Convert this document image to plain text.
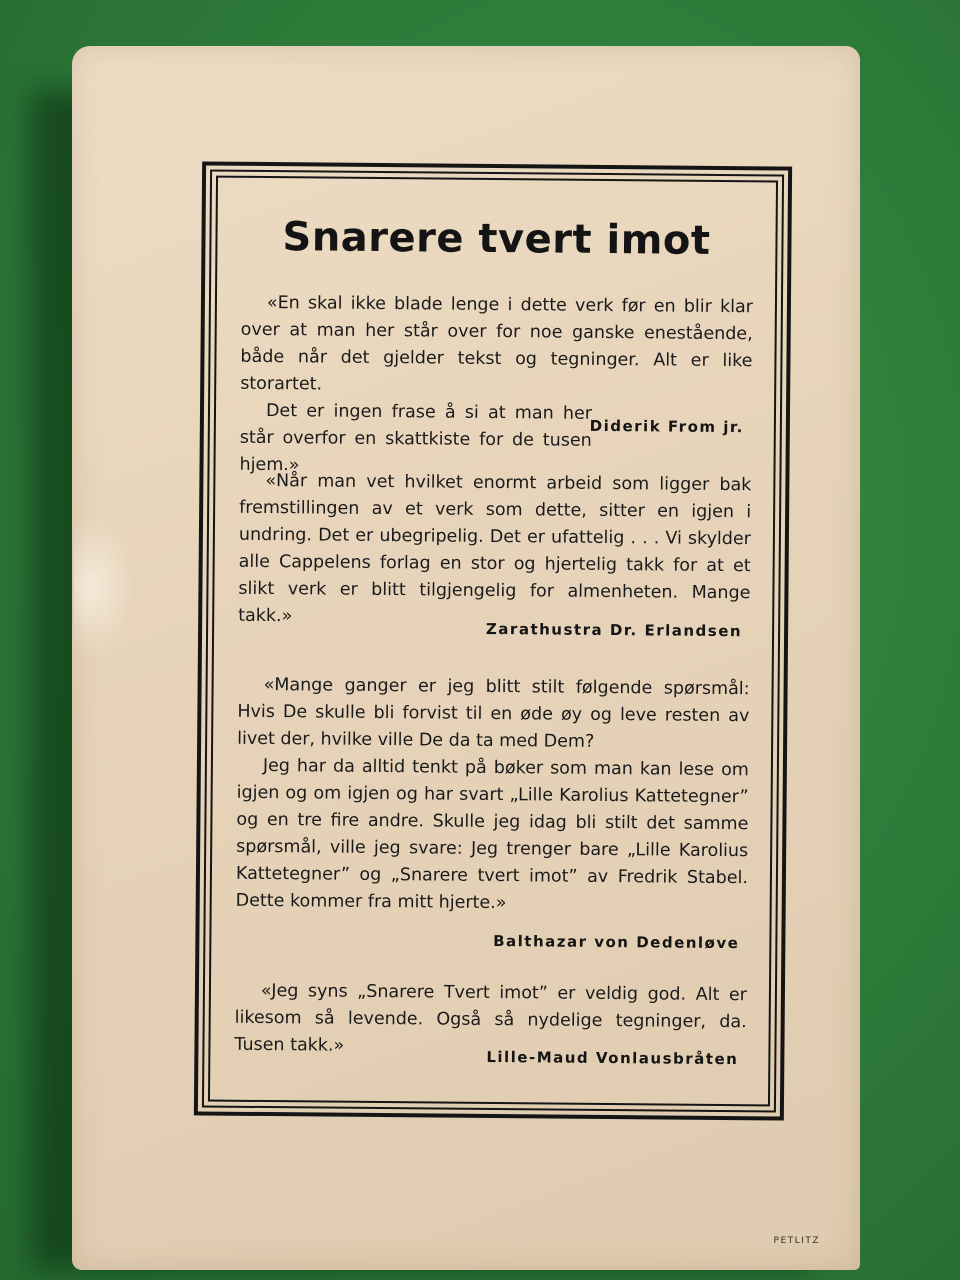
Snarere tvert imot

«En skal ikke blade lenge i dette verk før en blir klar over at man her står over for noe ganske enestående, både når det gjelder tekst og tegninger. Alt er like storartet.

Det er ingen frase å si at man her står overfor en skattkiste for de tusen hjem.»

Diderik From jr.

«Når man vet hvilket enormt arbeid som ligger bak fremstillingen av et verk som dette, sitter en igjen i undring. Det er ubegripelig. Det er ufattelig . . . Vi skylder alle Cappelens forlag en stor og hjertelig takk for at et slikt verk er blitt tilgjengelig for almenheten. Mange takk.»

Zarathustra Dr. Erlandsen

«Mange ganger er jeg blitt stilt følgende spørsmål: Hvis De skulle bli forvist til en øde øy og leve resten av livet der, hvilke ville De da ta med Dem?

Jeg har da alltid tenkt på bøker som man kan lese om igjen og om igjen og har svart „Lille Karolius Kattetegner” og en tre fire andre. Skulle jeg idag bli stilt det samme spørsmål, ville jeg svare: Jeg trenger bare „Lille Karolius Kattetegner” og „Snarere tvert imot” av Fredrik Stabel. Dette kommer fra mitt hjerte.»

Balthazar von Dedenløve

«Jeg syns „Snarere Tvert imot” er veldig god. Alt er likesom så levende. Også så nydelige tegninger, da. Tusen takk.»

Lille-Maud Vonlausbråten
PETLITZ
